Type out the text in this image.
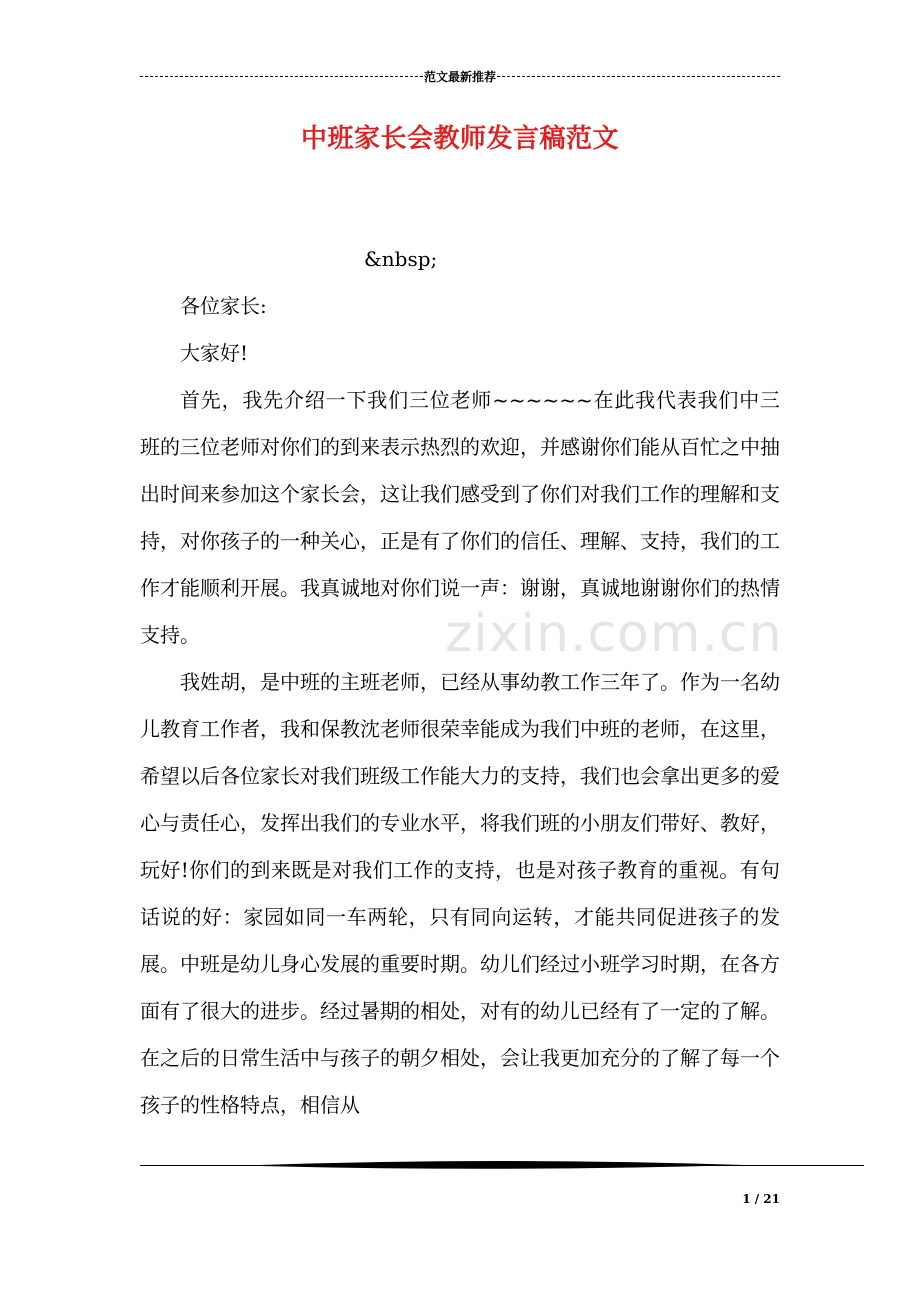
范文最新推荐
中班家长会教师发言稿范文

&nbsp;

各位家长:

大家好!

首先，我先介绍一下我们三位老师~~~~~~在此我代表我们中三班的三位老师对你们的到来表示热烈的欢迎，并感谢你们能从百忙之中抽出时间来参加这个家长会，这让我们感受到了你们对我们工作的理解和支持，对你孩子的一种关心，正是有了你们的信任、理解、支持，我们的工作才能顺利开展。我真诚地对你们说一声：谢谢，真诚地谢谢你们的热情支持。

我姓胡，是中班的主班老师，已经从事幼教工作三年了。作为一名幼儿教育工作者，我和保教沈老师很荣幸能成为我们中班的老师，在这里，希望以后各位家长对我们班级工作能大力的支持，我们也会拿出更多的爱心与责任心，发挥出我们的专业水平，将我们班的小朋友们带好、教好，玩好!你们的到来既是对我们工作的支持，也是对孩子教育的重视。有句话说的好：家园如同一车两轮，只有同向运转，才能共同促进孩子的发展。中班是幼儿身心发展的重要时期。幼儿们经过小班学习时期，在各方面有了很大的进步。经过暑期的相处，对有的幼儿已经有了一定的了解。在之后的日常生活中与孩子的朝夕相处，会让我更加充分的了解了每一个孩子的性格特点，相信从

zixin.com.cn
1 / 21
